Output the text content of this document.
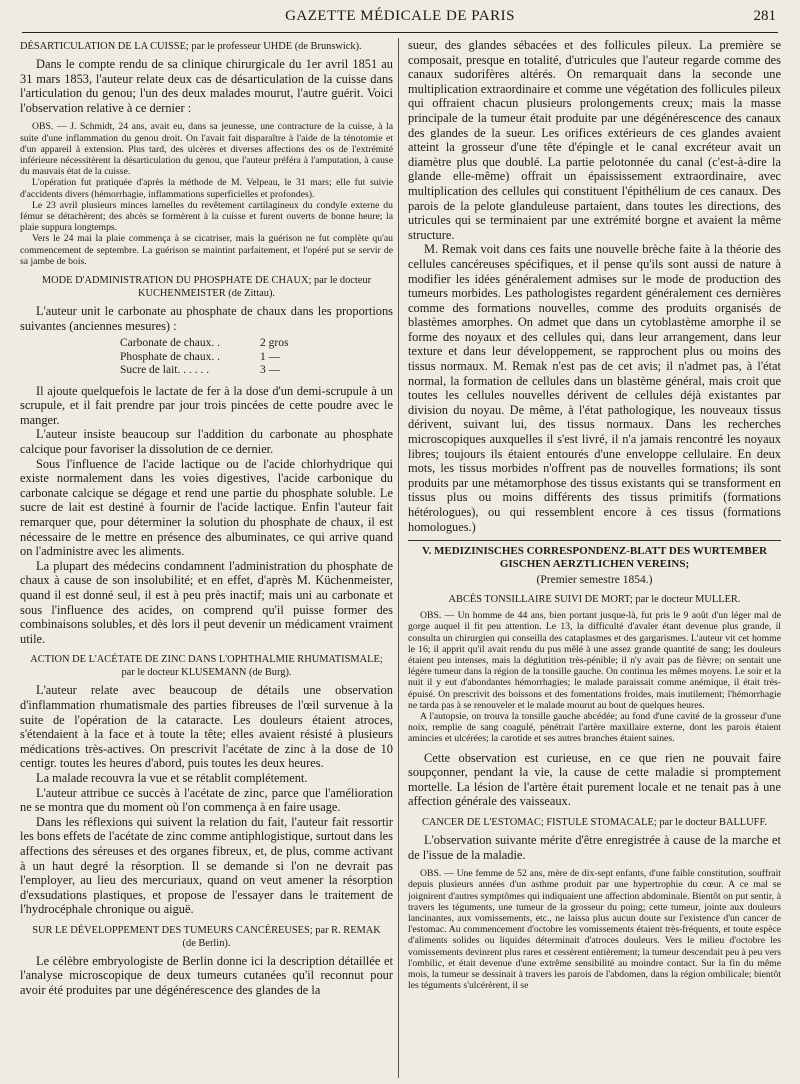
GAZETTE MÉDICALE DE PARIS	281

DÉSARTICULATION DE LA CUISSE; par le professeur UHDE (de Brunswick).

Dans le compte rendu de sa clinique chirurgicale du 1er avril 1851 au 31 mars 1853, l'auteur relate deux cas de désarticulation de la cuisse dans l'articulation du genou; l'un des deux malades mourut, l'autre guérit. Voici l'observation relative à ce dernier :

OBS. — J. Schmidt, 24 ans, avait eu, dans sa jeunesse, une contracture de la cuisse, à la suite d'une inflammation du genou droit. On l'avait fait disparaître à l'aide de la ténotomie et d'un appareil à extension. Plus tard, des ulcères et diverses affections des os de l'extrémité inférieure nécessitèrent la désarticulation du genou, que l'auteur préféra à l'amputation, à cause du mauvais état de la cuisse.

L'opération fut pratiquée d'après la méthode de M. Velpeau, le 31 mars; elle fut suivie d'accidents divers (hémorrhagie, inflammations superficielles et profondes).

Le 23 avril plusieurs minces lamelles du revêtement cartilagineux du condyle externe du fémur se détachèrent; des abcès se formèrent à la cuisse et furent ouverts de bonne heure; la plaie suppura longtemps.

Vers le 24 mai la plaie commença à se cicatriser, mais la guérison ne fut complète qu'au commencement de septembre. La guérison se maintint parfaitement, et l'opéré put se servir de sa jambe de bois.

MODE D'ADMINISTRATION DU PHOSPHATE DE CHAUX; par le docteur
KUCHENMEISTER (de Zittau).

L'auteur unit le carbonate au phosphate de chaux dans les proportions suivantes (anciennes mesures) :

Carbonate de chaux. .	2 gros
Phosphate de chaux. .	1 —
Sucre de lait. . . . . .	3 —

Il ajoute quelquefois le lactate de fer à la dose d'un demi-scrupule à un scrupule, et il fait prendre par jour trois pincées de cette poudre avec le manger.

L'auteur insiste beaucoup sur l'addition du carbonate au phosphate calcique pour favoriser la dissolution de ce dernier.

Sous l'influence de l'acide lactique ou de l'acide chlorhydrique qui existe normalement dans les voies digestives, l'acide carbonique du carbonate calcique se dégage et rend une partie du phosphate soluble. Le sucre de lait est destiné à fournir de l'acide lactique. Enfin l'auteur fait remarquer que, pour déterminer la solution du phosphate de chaux, il est nécessaire de le mettre en présence des albuminates, ce qui arrive quand on l'administre avec les aliments.

La plupart des médecins condamnent l'administration du phosphate de chaux à cause de son insolubilité; et en effet, d'après M. Küchenmeister, quand il est donné seul, il est à peu près inactif; mais uni au carbonate et sous l'influence des acides, on comprend qu'il puisse former des combinaisons solubles, et dès lors il peut devenir un médicament vraiment utile.

ACTION DE L'ACÉTATE DE ZINC DANS L'OPHTHALMIE RHUMATISMALE;
par le docteur KLUSEMANN (de Burg).

L'auteur relate avec beaucoup de détails une observation d'inflammation rhumatismale des parties fibreuses de l'œil survenue à la suite de l'opération de la cataracte. Les douleurs étaient atroces, s'étendaient à la face et à toute la tête; elles avaient résisté à plusieurs médications très-actives. On prescrivit l'acétate de zinc à la dose de 10 centigr. toutes les heures d'abord, puis toutes les deux heures.

La malade recouvra la vue et se rétablit complétement.

L'auteur attribue ce succès à l'acétate de zinc, parce que l'amélioration ne se montra que du moment où l'on commença à en faire usage.

Dans les réflexions qui suivent la relation du fait, l'auteur fait ressortir les bons effets de l'acétate de zinc comme antiphlogistique, surtout dans les affections des séreuses et des organes fibreux, et, de plus, comme activant à un haut degré la résorption. Il se demande si l'on ne devrait pas l'employer, au lieu des mercuriaux, quand on veut amener la résorption d'exsudations plastiques, et propose de l'essayer dans le traitement de l'hydrocéphale chronique ou aiguë.

SUR LE DÉVELOPPEMENT DES TUMEURS CANCÉREUSES; par R. REMAK
(de Berlin).

Le célèbre embryologiste de Berlin donne ici la description détaillée et l'analyse microscopique de deux tumeurs cutanées qu'il reconnut pour avoir été produites par une dégénérescence des glandes de la

sueur, des glandes sébacées et des follicules pileux. La première se composait, presque en totalité, d'utricules que l'auteur regarde comme des canaux sudorifères altérés. On remarquait dans la seconde une multiplication extraordinaire et comme une végétation des follicules pileux qui offraient chacun plusieurs prolongements creux; mais la masse principale de la tumeur était produite par une dégénérescence des canaux des glandes de la sueur. Les orifices extérieurs de ces glandes avaient atteint la grosseur d'une tête d'épingle et le canal excréteur avait un diamètre plus que doublé. La partie pelotonnée du canal (c'est-à-dire la glande elle-même) offrait un épaississement extraordinaire, avec multiplication des cellules qui constituent l'épithélium de ces canaux. Des parois de la pelote glanduleuse partaient, dans toutes les directions, des utricules qui se terminaient par une extrémité borgne et avaient la même structure.

M. Remak voit dans ces faits une nouvelle brèche faite à la théorie des cellules cancéreuses spécifiques, et il pense qu'ils sont aussi de nature à modifier les idées généralement admises sur le mode de production des tumeurs morbides. Les pathologistes regardent généralement ces dernières comme des formations nouvelles, comme des produits organisés de blastèmes amorphes. On admet que dans un cytoblastème amorphe il se forme des noyaux et des cellules qui, dans leur arrangement, dans leur texture et dans leur développement, se rapprochent plus ou moins des tissus normaux. M. Remak n'est pas de cet avis; il n'admet pas, à l'état normal, la formation de cellules dans un blastème général, mais croit que toutes les cellules nouvelles dérivent de cellules déjà existantes par division du noyau. De même, à l'état pathologique, les nouveaux tissus dérivent, suivant lui, des tissus normaux. Dans les recherches microscopiques auxquelles il s'est livré, il n'a jamais rencontré les noyaux libres; toujours ils étaient entourés d'une enveloppe cellulaire. En deux mots, les tissus morbides n'offrent pas de nouvelles formations; ils sont produits par une métamorphose des tissus existants qui se transforment en tissus plus ou moins différents des tissus primitifs (formations hétérologues), ou qui ressemblent encore à ces tissus (formations homologues.)

V. MEDIZINISCHES CORRESPONDENZ-BLATT DES WURTEMBER
GISCHEN AERZTLICHEN VEREINS;

(Premier semestre 1854.)

ABCÈS TONSILLAIRE SUIVI DE MORT; par le docteur MULLER.

OBS. — Un homme de 44 ans, bien portant jusque-là, fut pris le 9 août d'un léger mal de gorge auquel il fit peu attention. Le 13, la difficulté d'avaler étant devenue plus grande, il consulta un chirurgien qui conseilla des cataplasmes et des gargarismes. L'auteur vit cet homme le 16; il apprit qu'il avait rendu du pus mêlé à une assez grande quantité de sang; les douleurs étaient peu intenses, mais la déglutition très-pénible; il n'y avait pas de fièvre; on sentait une légère tumeur dans la région de la tonsille gauche. On continua les mêmes moyens. Le soir et la nuit il y eut d'abondantes hémorrhagies; le malade paraissait comme anémique, il était très-épuisé. On prescrivit des boissons et des fomentations froides, mais inutilement; l'hémorrhagie ne tarda pas à se renouveler et le malade mourut au bout de quelques heures.

A l'autopsie, on trouva la tonsille gauche abcédée; au fond d'une cavité de la grosseur d'une noix, remplie de sang coagulé, pénétrait l'artère maxillaire externe, dont les parois étaient amincies et ulcérées; la carotide et ses autres branches étaient saines.

Cette observation est curieuse, en ce que rien ne pouvait faire soupçonner, pendant la vie, la cause de cette maladie si promptement mortelle. La lésion de l'artère était purement locale et ne tenait pas à une affection générale des vaisseaux.

CANCER DE L'ESTOMAC; FISTULE STOMACALE; par le docteur BALLUFF.

L'observation suivante mérite d'être enregistrée à cause de la marche et de l'issue de la maladie.

OBS. — Une femme de 52 ans, mère de dix-sept enfants, d'une faible constitution, souffrait depuis plusieurs années d'un asthme produit par une hypertrophie du cœur. A ce mal se joignirent d'autres symptômes qui indiquaient une affection abdominale. Bientôt on put sentir, à travers les téguments, une tumeur de la grosseur du poing; cette tumeur, jointe aux douleurs lancinantes, aux vomissements, etc., ne laissa plus aucun doute sur l'existence d'un cancer de l'estomac. Au commencement d'octobre les vomissements étaient très-fréquents, et toute espèce d'aliments solides ou liquides déterminait d'atroces douleurs. Vers le milieu d'octobre les vomissements devinrent plus rares et cessèrent entièrement; la tumeur descendait peu à peu vers l'ombilic, et était devenue d'une extrême sensibilité au moindre contact. Sur la fin du même mois, la tumeur se dessinait à travers les parois de l'abdomen, dans la région ombilicale; bientôt les téguments s'ulcérèrent, il se
